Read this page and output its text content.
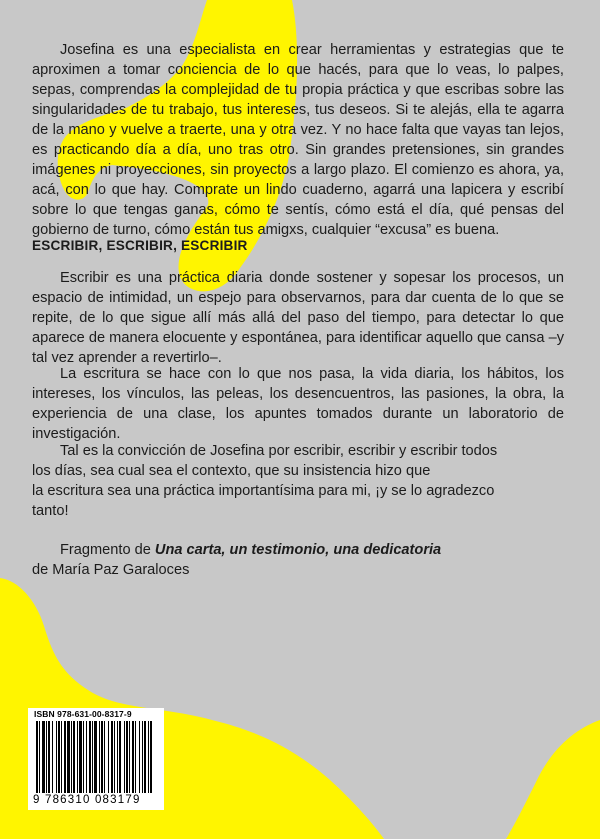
Josefina es una especialista en crear herramientas y estrategias que te aproximen a tomar conciencia de lo que hacés, para que lo veas, lo palpes, sepas, comprendas la complejidad de tu propia práctica y que escribas sobre las singularidades de tu trabajo, tus intereses, tus deseos. Si te alejás, ella te agarra de la mano y vuelve a traerte, una y otra vez. Y no hace falta que vayas tan lejos, es practicando día a día, uno tras otro. Sin grandes pretensiones, sin grandes imágenes ni proyecciones, sin proyectos a largo plazo. El comienzo es ahora, ya, acá, con lo que hay. Comprate un lindo cuaderno, agarrá una lapicera y escribí sobre lo que tengas ganas, cómo te sentís, cómo está el día, qué pensas del gobierno de turno, cómo están tus amigxs, cualquier “excusa” es buena.

ESCRIBIR, ESCRIBIR, ESCRIBIR

Escribir es una práctica diaria donde sostener y sopesar los procesos, un espacio de intimidad, un espejo para observarnos, para dar cuenta de lo que se repite, de lo que sigue allí más allá del paso del tiempo, para detectar lo que aparece de manera elocuente y espontánea, para identificar aquello que cansa –y tal vez aprender a revertirlo–.

La escritura se hace con lo que nos pasa, la vida diaria, los hábitos, los intereses, los vínculos, las peleas, los desencuentros, las pasiones, la obra, la experiencia de una clase, los apuntes tomados durante un laboratorio de investigación.

Tal es la convicción de Josefina por escribir, escribir y escribir todos
los días, sea cual sea el contexto, que su insistencia hizo que
la escritura sea una práctica importantísima para mi, ¡y se lo agradezco
tanto!
Fragmento de Una carta, un testimonio, una dedicatoria
de María Paz Garaloces
ISBN 978-631-00-8317-9
9 786310 083179
